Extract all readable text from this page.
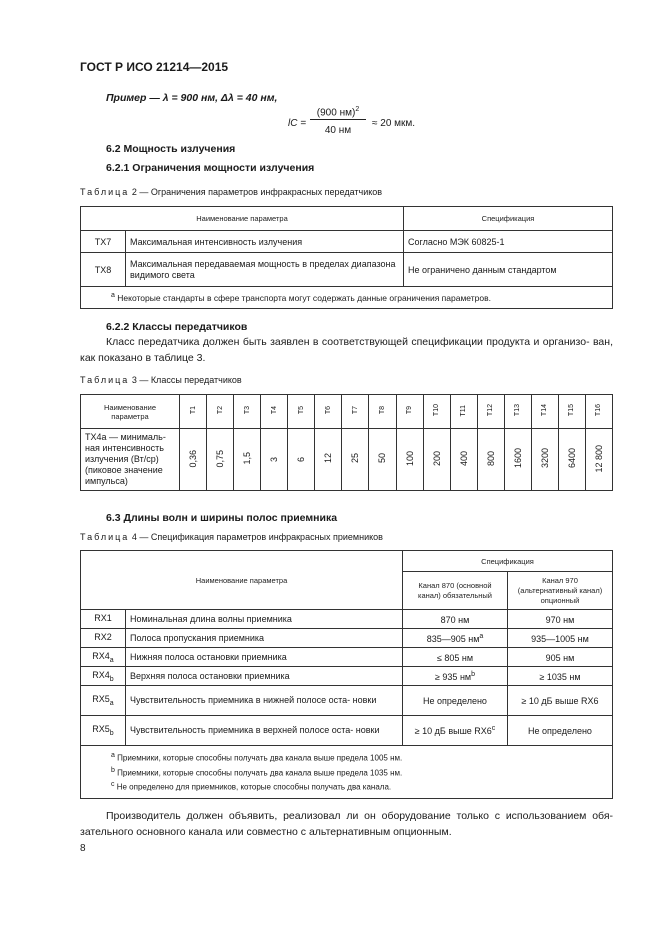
ГОСТ Р ИСО 21214—2015
Пример — λ = 900 нм, Δλ = 40 нм,
lС =
(900 нм)$^2$
40 нм
≈ 20 мкм.
6.2 Мощность излучения
6.2.1 Ограничения мощности излучения
Таблица 2 — Ограничения параметров инфракрасных передатчиков
Наименование параметра		Спецификация
TX7	Максимальная интенсивность излучения	Согласно МЭК 60825-1
TX8	Максимальная передаваемая мощность в пределах диапазона видимого света	Не ограничено данным стандартом
$^a$ Некоторые стандарты в сфере транспорта могут содержать данные ограничения параметров.		
6.2.2 Классы передатчиков
Класс передатчика должен быть заявлен в соответствующей спецификации продукта и организо- ван, как показано в таблице 3.
Таблица 3 — Классы передатчиков
Наименование параметра	T1	T2	T3	T4	T5	T6	T7	T8	T9	T10	T11	T12	T13	T14	T15	T16
TX4a — минималь- ная интенсивность излучения (Вт/ср) (пиковое значение импульса)	0,36	0,75	1,5	3	6	12	25	50	100	200	400	800	1600	3200	6400	12 800
6.3 Длины волн и ширины полос приемника
Таблица 4 — Спецификация параметров инфракрасных приемников
Наименование параметра		Спецификация	
		Канал 870 (основной канал) обязательный	Канал 970 (альтернативный канал) опционный
RX1	Номинальная длина волны приемника	870 нм	970 нм
RX2	Полоса пропускания приемника	835—905 $нм^a$	935—1005 нм
$RX4_a$	Нижняя полоса остановки приемника	≤ 805 нм	905 нм
$RX4_b$	Верхняя полоса остановки приемника	≥ 935 $нм^b$	≥ 1035 нм
$RX5_a$	Чувствительность приемника в нижней полосе оста- новки	Не определено	≥ 10 дБ выше RX6
$RX5_b$	Чувствительность приемника в верхней полосе оста- новки	≥ 10 дБ выше RX6$^c$	Не определено

$^a$ Приемники, которые способны получать два канала выше предела 1005 нм.
$^b$ Приемники, которые способны получать два канала выше предела 1035 нм.
$^c$ Не определено для приемников, которые способны получать два канала.			
Производитель должен объявить, реализовал ли он оборудование только с использованием обя- зательного основного канала или совместно с альтернативным опционным.
8
